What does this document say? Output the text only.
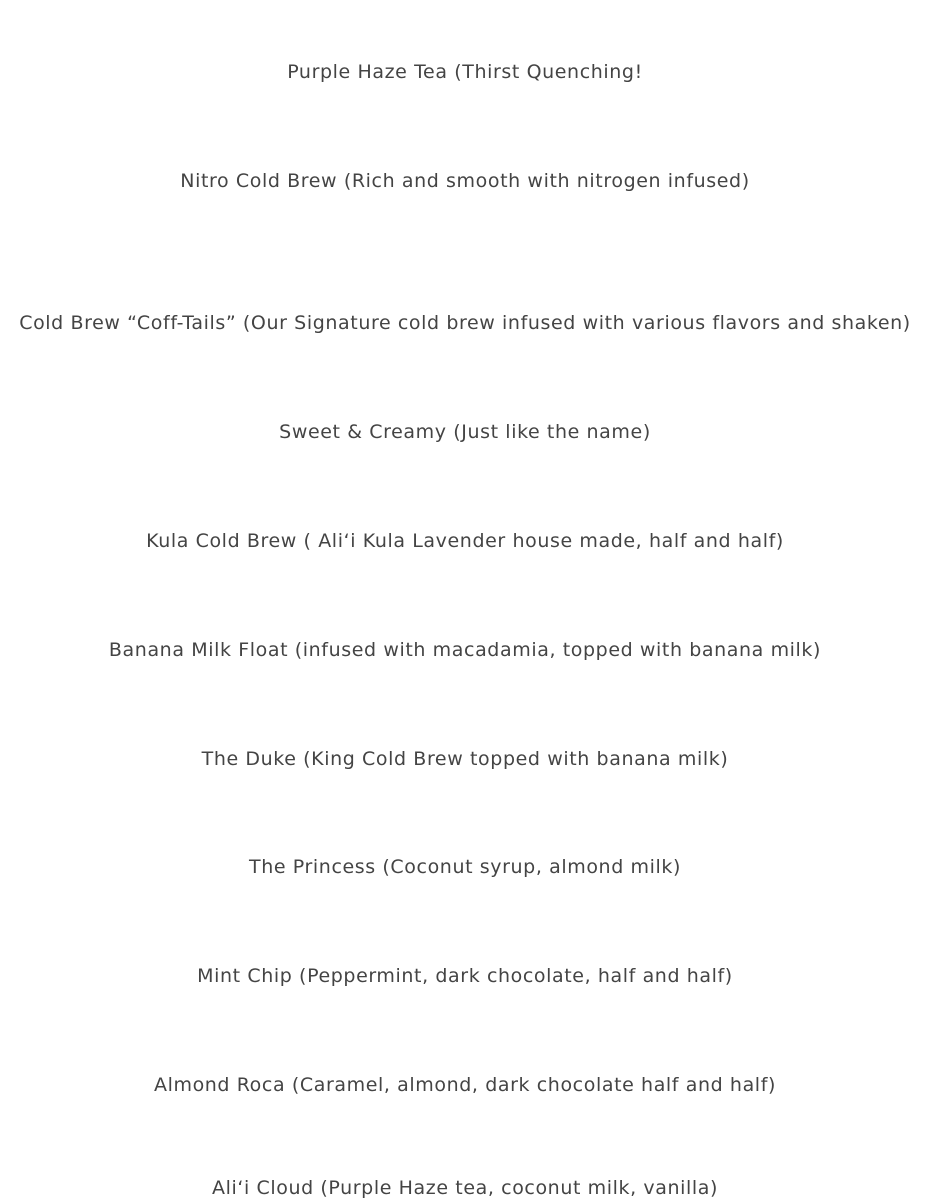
Purple Haze Tea (Thirst Quenching!
Nitro Cold Brew (Rich and smooth with nitrogen infused)
Cold Brew “Coff-Tails” (Our Signature cold brew infused with various flavors and shaken)
Sweet & Creamy (Just like the name)
Kula Cold Brew ( Aliʻi Kula Lavender house made, half and half)
Banana Milk Float (infused with macadamia, topped with banana milk)
The Duke (King Cold Brew topped with banana milk)
The Princess (Coconut syrup, almond milk)
Mint Chip (Peppermint, dark chocolate, half and half)
Almond Roca (Caramel, almond, dark chocolate half and half)
Aliʻi Cloud (Purple Haze tea, coconut milk, vanilla)
